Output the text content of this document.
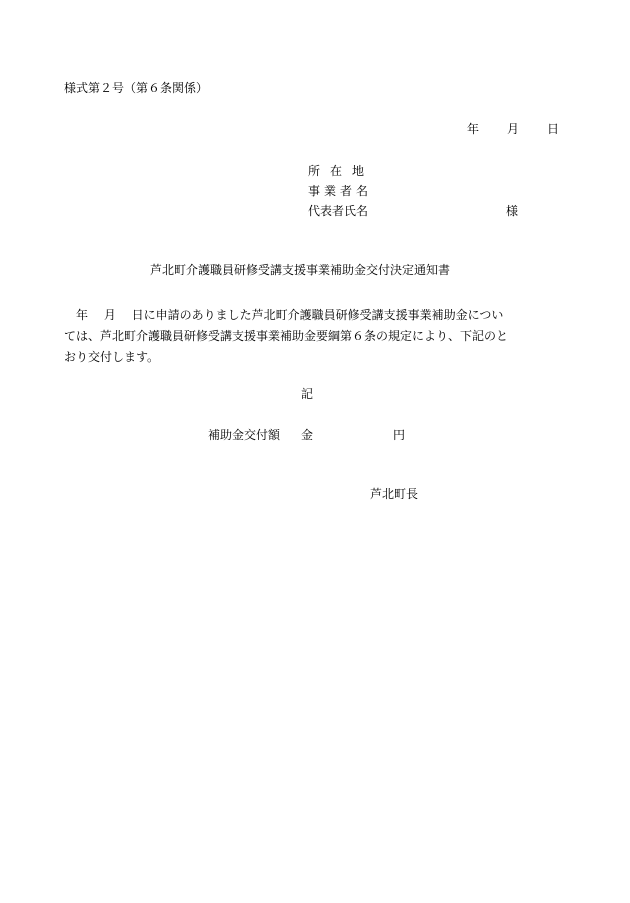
様式第２号（第６条関係）
年 月 日
所在地
事業者名
代表者氏名	様
芦北町介護職員研修受講支援事業補助金交付決定通知書
　年　 月　 日に申請のありました芦北町介護職員研修受講支援事業補助金につい
ては、芦北町介護職員研修受講支援事業補助金要綱第６条の規定により、下記のと
おり交付します。
記
補助金交付額 金	円
芦北町長
